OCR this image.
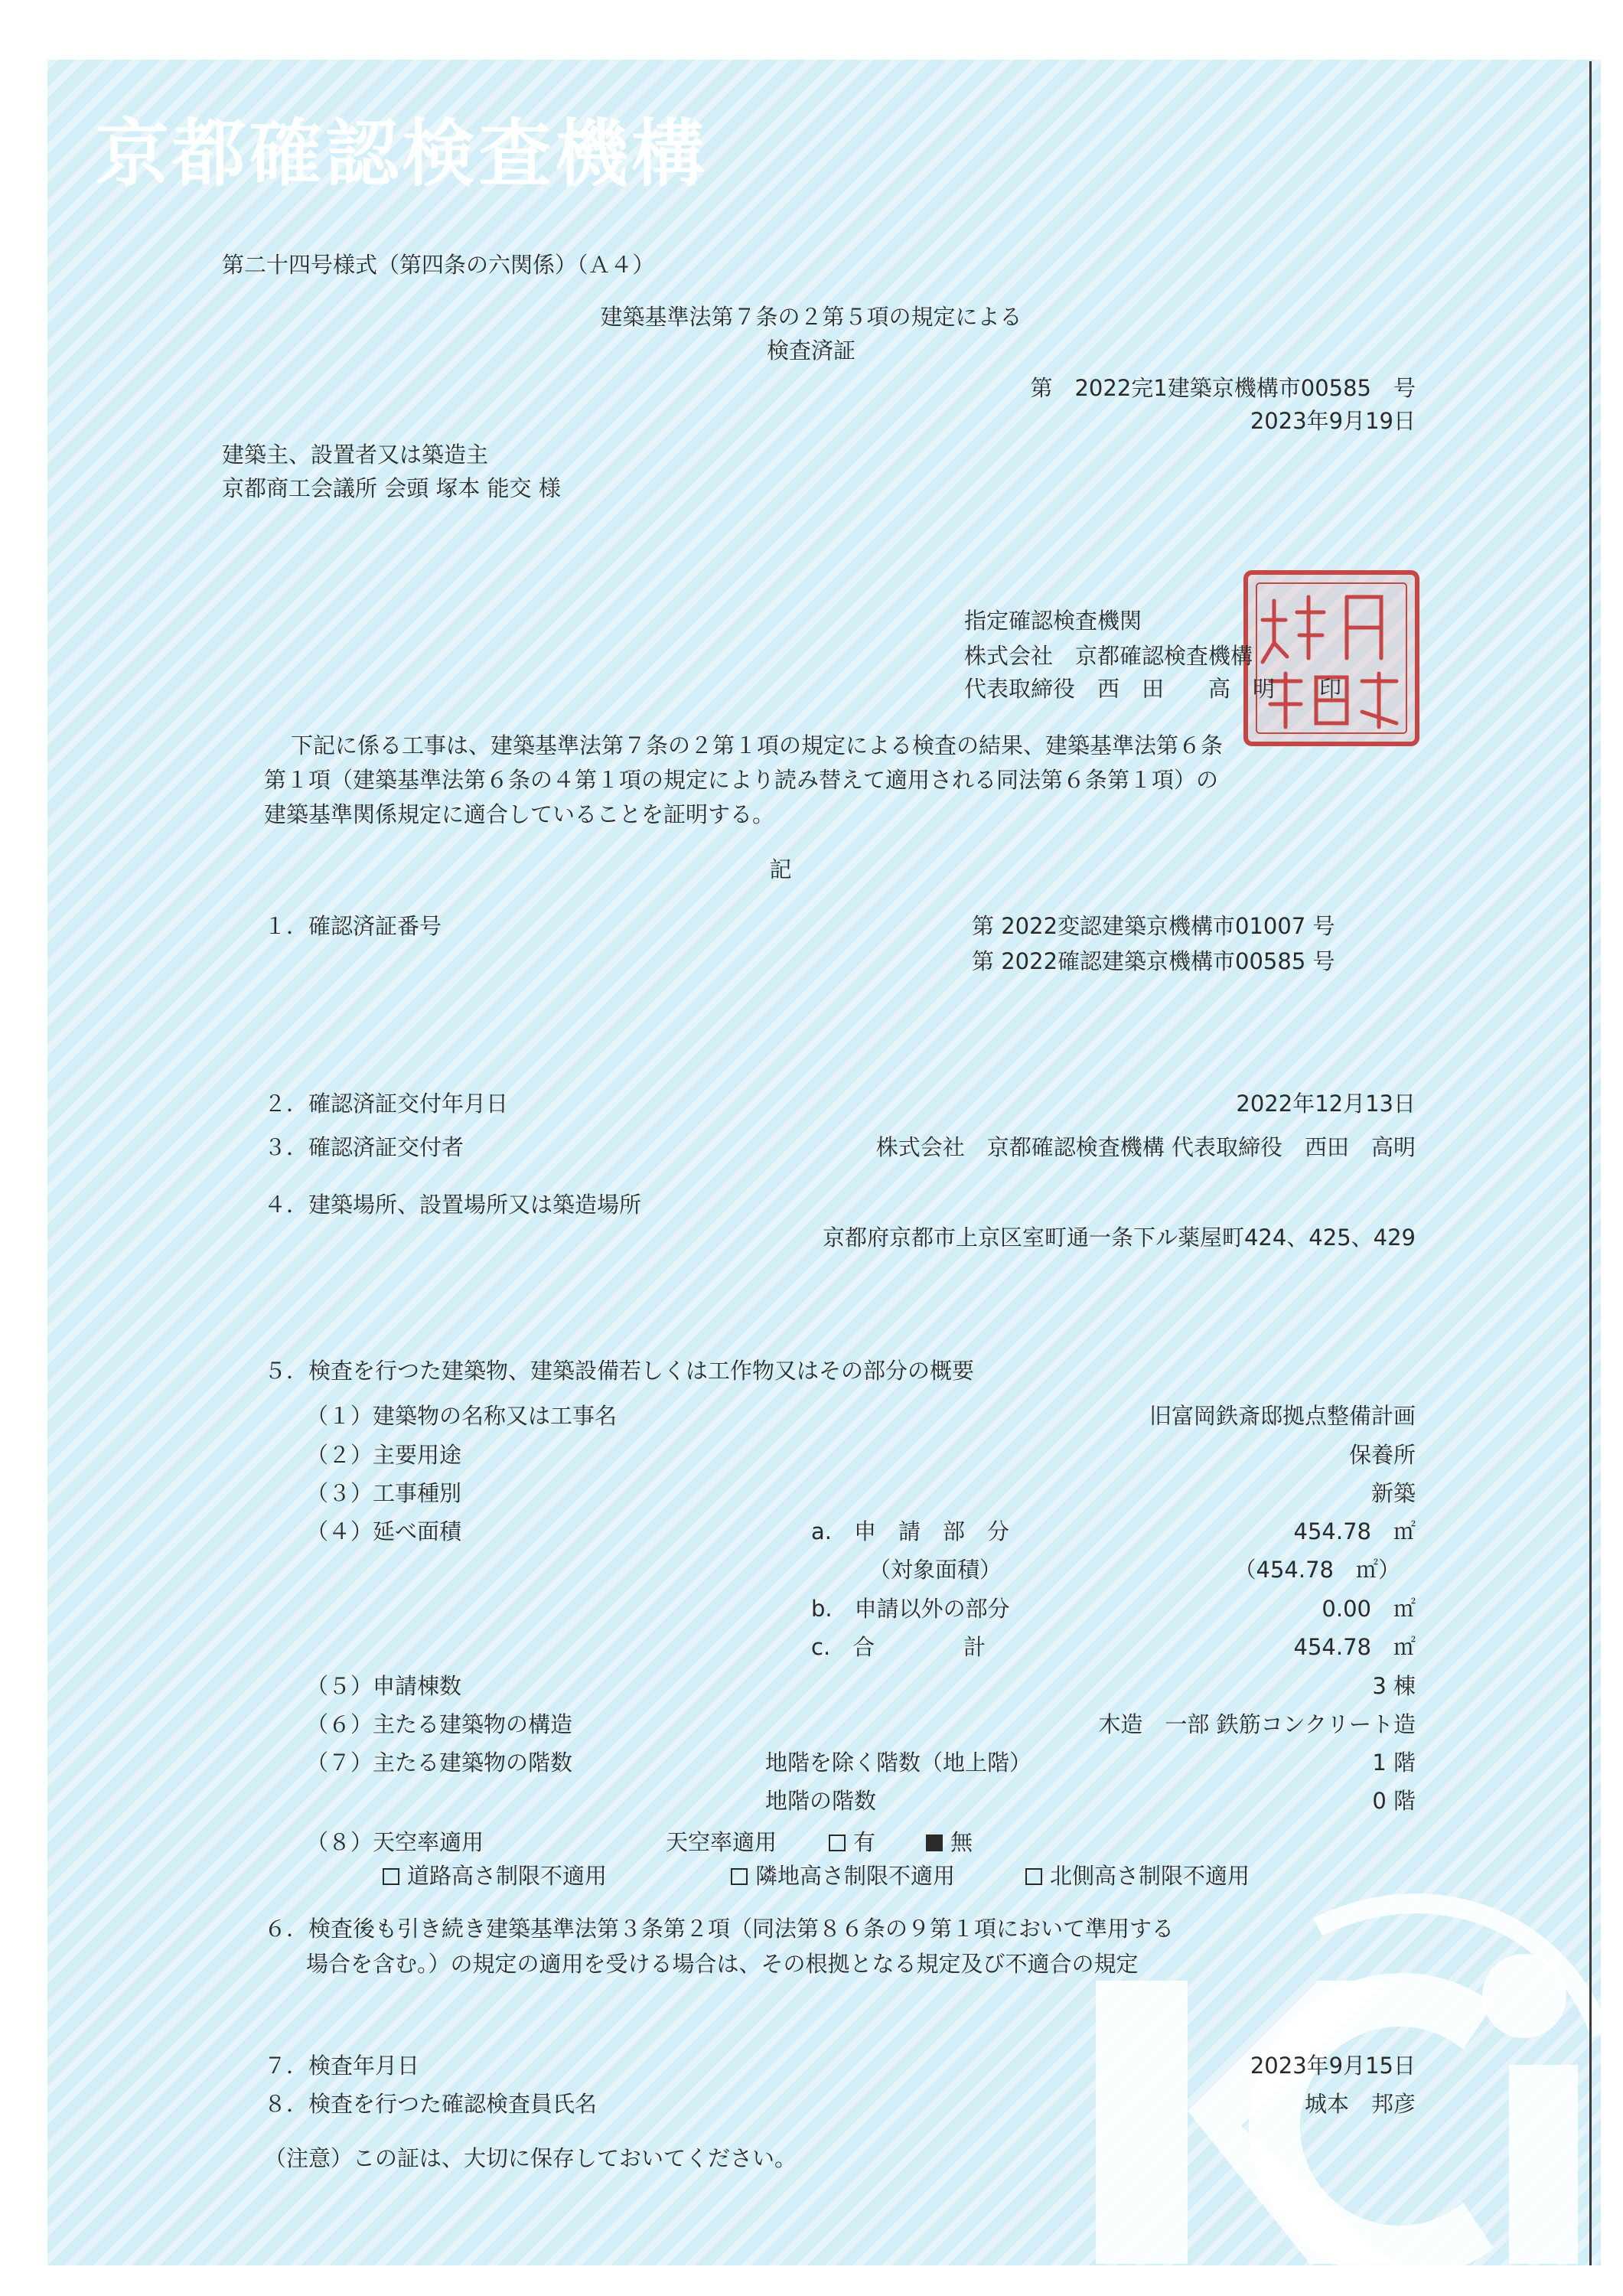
京都確認検査機構
第二十四号様式（第四条の六関係）（Ａ４）
建築基準法第７条の２第５項の規定による
検査済証
第　2022完1建築京機構市00585　号
2023年9月19日
建築主、設置者又は築造主
京都商工会議所 会頭 塚本 能交 様
指定確認検査機関
株式会社　京都確認検査機構
代表取締役　西　田　　高　明　　印
下記に係る工事は、建築基準法第７条の２第１項の規定による検査の結果、建築基準法第６条
第１項（建築基準法第６条の４第１項の規定により読み替えて適用される同法第６条第１項）の
建築基準関係規定に適合していることを証明する。
記
１．確認済証番号	第 2022変認建築京機構市01007 号
第 2022確認建築京機構市00585 号
２．確認済証交付年月日	2022年12月13日
３．確認済証交付者	株式会社　京都確認検査機構 代表取締役　西田　高明
４．建築場所、設置場所又は築造場所
京都府京都市上京区室町通一条下ル薬屋町424、425、429
５．検査を行つた建築物、建築設備若しくは工作物又はその部分の概要
（１）建築物の名称又は工事名	旧富岡鉄斎邸拠点整備計画
（２）主要用途	保養所
（３）工事種別	新築
（４）延べ面積	a.　申　請　部　分	454.78　㎡
（対象面積）	（454.78　㎡）
b.　申請以外の部分	0.00　㎡
c.　合　　　　計	454.78　㎡
（５）申請棟数	3 棟
（６）主たる建築物の構造	木造　一部 鉄筋コンクリート造
（７）主たる建築物の階数	地階を除く階数（地上階）	1 階
地階の階数	0 階
（８）天空率適用	天空率適用	有	無
道路高さ制限不適用	隣地高さ制限不適用	北側高さ制限不適用
６．検査後も引き続き建築基準法第３条第２項（同法第８６条の９第１項において準用する
場合を含む。）の規定の適用を受ける場合は、その根拠となる規定及び不適合の規定
７．検査年月日	2023年9月15日
８．検査を行つた確認検査員氏名	城本　邦彦
（注意）この証は、大切に保存しておいてください。
